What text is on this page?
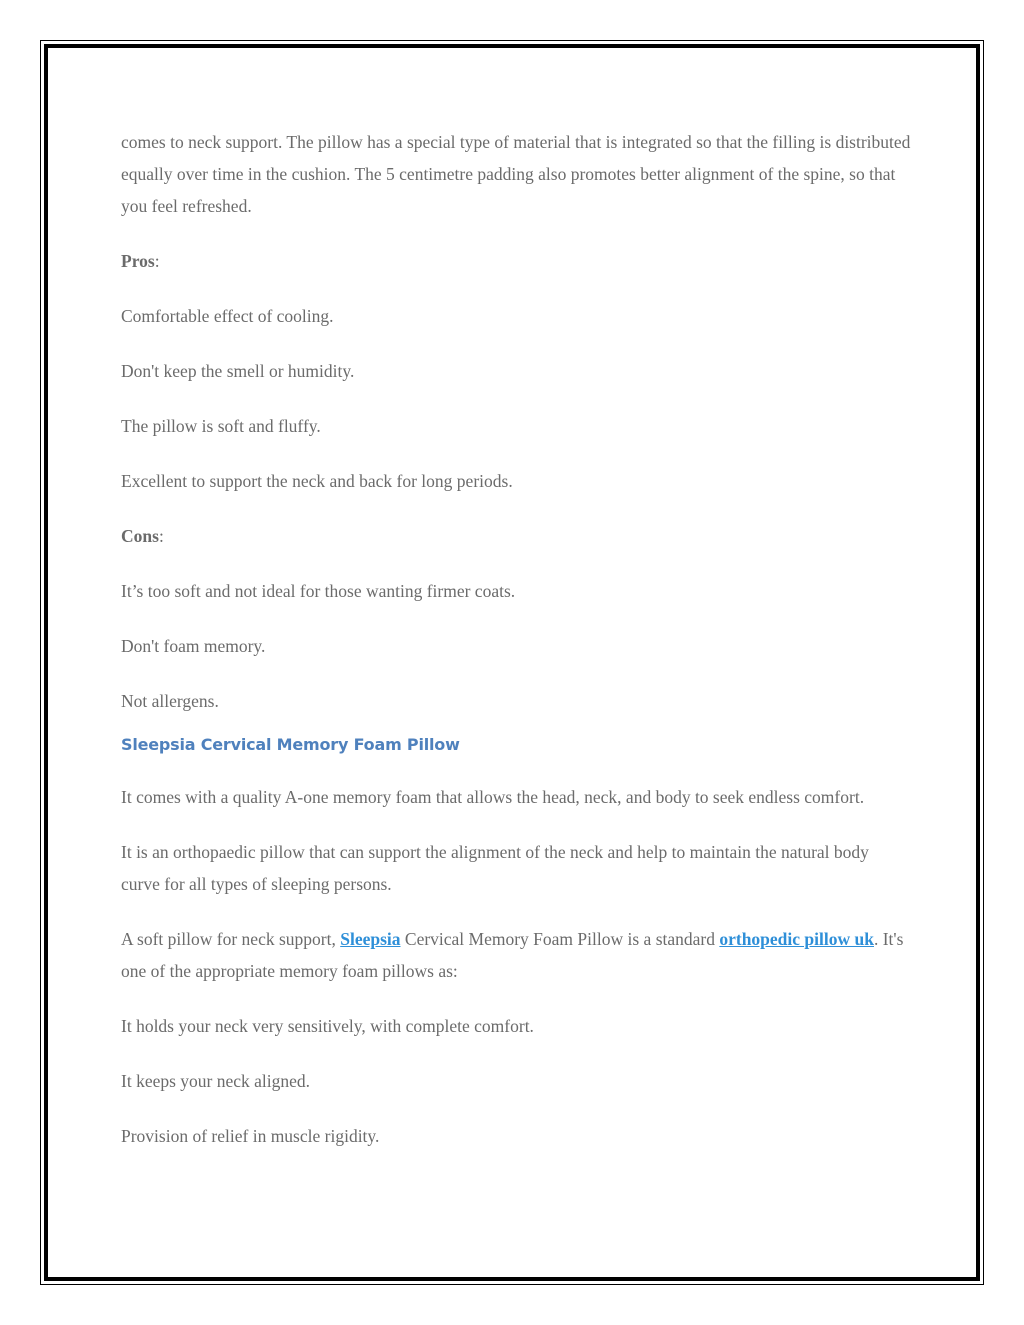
comes to neck support. The pillow has a special type of material that is integrated so that the filling is distributed equally over time in the cushion. The 5 centimetre padding also promotes better alignment of the spine, so that you feel refreshed.

Pros:

Comfortable effect of cooling.

Don't keep the smell or humidity.

The pillow is soft and fluffy.

Excellent to support the neck and back for long periods.

Cons:

It’s too soft and not ideal for those wanting firmer coats.

Don't foam memory.

Not allergens.

Sleepsia Cervical Memory Foam Pillow

It comes with a quality A-one memory foam that allows the head, neck, and body to seek endless comfort.

It is an orthopaedic pillow that can support the alignment of the neck and help to maintain the natural body curve for all types of sleeping persons.

A soft pillow for neck support, Sleepsia Cervical Memory Foam Pillow is a standard orthopedic pillow uk. It's one of the appropriate memory foam pillows as:

It holds your neck very sensitively, with complete comfort.

It keeps your neck aligned.

Provision of relief in muscle rigidity.
